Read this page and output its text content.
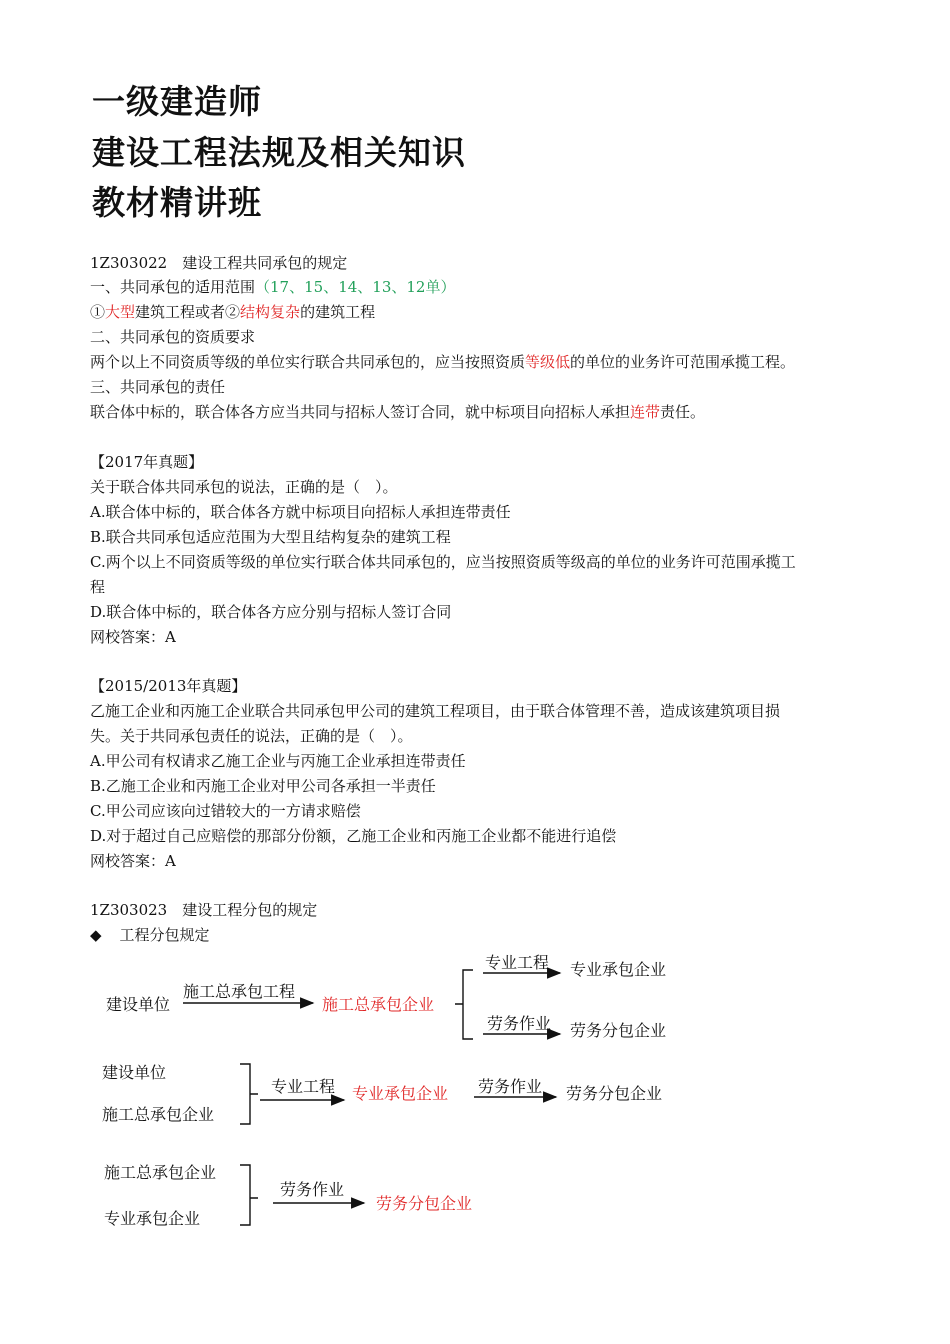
一级建造师
建设工程法规及相关知识
教材精讲班
1Z303022　建设工程共同承包的规定
一、共同承包的适用范围（17、15、14、13、12单）
①大型建筑工程或者②结构复杂的建筑工程
二、共同承包的资质要求
两个以上不同资质等级的单位实行联合共同承包的，应当按照资质等级低的单位的业务许可范围承揽工程。
三、共同承包的责任
联合体中标的，联合体各方应当共同与招标人签订合同，就中标项目向招标人承担连带责任。
【2017年真题】
关于联合体共同承包的说法，正确的是（　）。
A.联合体中标的，联合体各方就中标项目向招标人承担连带责任
B.联合共同承包适应范围为大型且结构复杂的建筑工程
C.两个以上不同资质等级的单位实行联合体共同承包的，应当按照资质等级高的单位的业务许可范围承揽工
程
D.联合体中标的，联合体各方应分别与招标人签订合同
网校答案：A
【2015/2013年真题】
乙施工企业和丙施工企业联合共同承包甲公司的建筑工程项目，由于联合体管理不善，造成该建筑项目损
失。关于共同承包责任的说法，正确的是（　）。
A.甲公司有权请求乙施工企业与丙施工企业承担连带责任
B.乙施工企业和丙施工企业对甲公司各承担一半责任
C.甲公司应该向过错较大的一方请求赔偿
D.对于超过自己应赔偿的那部分份额，乙施工企业和丙施工企业都不能进行追偿
网校答案：A
1Z303023　建设工程分包的规定
◆ 工程分包规定
建设单位
施工总承包工程
施工总承包企业
专业工程 专业承包企业
劳务作业 劳务分包企业
建设单位
施工总承包企业
专业工程 专业承包企业 劳务作业 劳务分包企业
施工总承包企业
专业承包企业
劳务作业
劳务分包企业
